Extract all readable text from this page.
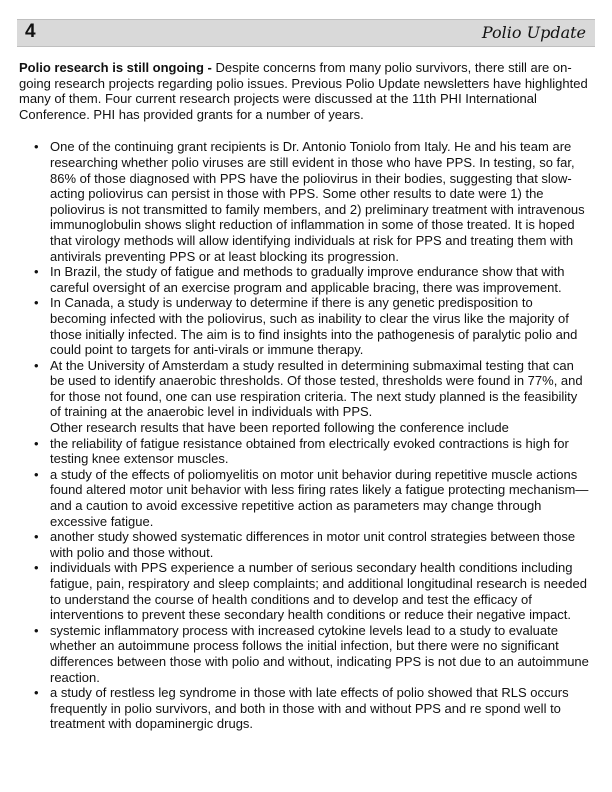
4	Polio Update

Polio research is still ongoing - Despite concerns from many polio survivors, there still are on-going research projects regarding polio issues. Previous Polio Update newsletters have highlighted many of them. Four current research projects were discussed at the 11th PHI International Conference. PHI has provided grants for a number of years.

• One of the continuing grant recipients is Dr. Antonio Toniolo from Italy. He and his team are researching whether polio viruses are still evident in those who have PPS. In testing, so far, 86% of those diagnosed with PPS have the poliovirus in their bodies, suggesting that slow-acting poliovirus can persist in those with PPS. Some other results to date were 1) the poliovirus is not transmitted to family members, and 2) preliminary treatment with intravenous immunoglobulin shows slight reduction of inflammation in some of those treated. It is hoped that virology methods will allow identifying individuals at risk for PPS and treating them with antivirals preventing PPS or at least blocking its progression.
• In Brazil, the study of fatigue and methods to gradually improve endurance show that with careful oversight of an exercise program and applicable bracing, there was improvement.
• In Canada, a study is underway to determine if there is any genetic predisposition to becoming infected with the poliovirus, such as inability to clear the virus like the majority of those initially infected. The aim is to find insights into the pathogenesis of paralytic polio and could point to targets for anti-virals or immune therapy.
• At the University of Amsterdam a study resulted in determining submaximal testing that can be used to identify anaerobic thresholds. Of those tested, thresholds were found in 77%, and for those not found, one can use respiration criteria. The next study planned is the feasibility of training at the anaerobic level in individuals with PPS.
Other research results that have been reported following the conference include
• the reliability of fatigue resistance obtained from electrically evoked contractions is high for testing knee extensor muscles.
• a study of the effects of poliomyelitis on motor unit behavior during repetitive muscle actions found altered motor unit behavior with less firing rates likely a fatigue protecting mechanism—and a caution to avoid excessive repetitive action as parameters may change through excessive fatigue.
• another study showed systematic differences in motor unit control strategies between those with polio and those without.
• individuals with PPS experience a number of serious secondary health conditions including fatigue, pain, respiratory and sleep complaints; and additional longitudinal research is needed to understand the course of health conditions and to develop and test the efficacy of interventions to prevent these secondary health conditions or reduce their negative impact.
• systemic inflammatory process with increased cytokine levels lead to a study to evaluate whether an autoimmune process follows the initial infection, but there were no significant differences between those with polio and without, indicating PPS is not due to an autoimmune reaction.
• a study of restless leg syndrome in those with late effects of polio showed that RLS occurs frequently in polio survivors, and both in those with and without PPS and re spond well to treatment with dopaminergic drugs.
